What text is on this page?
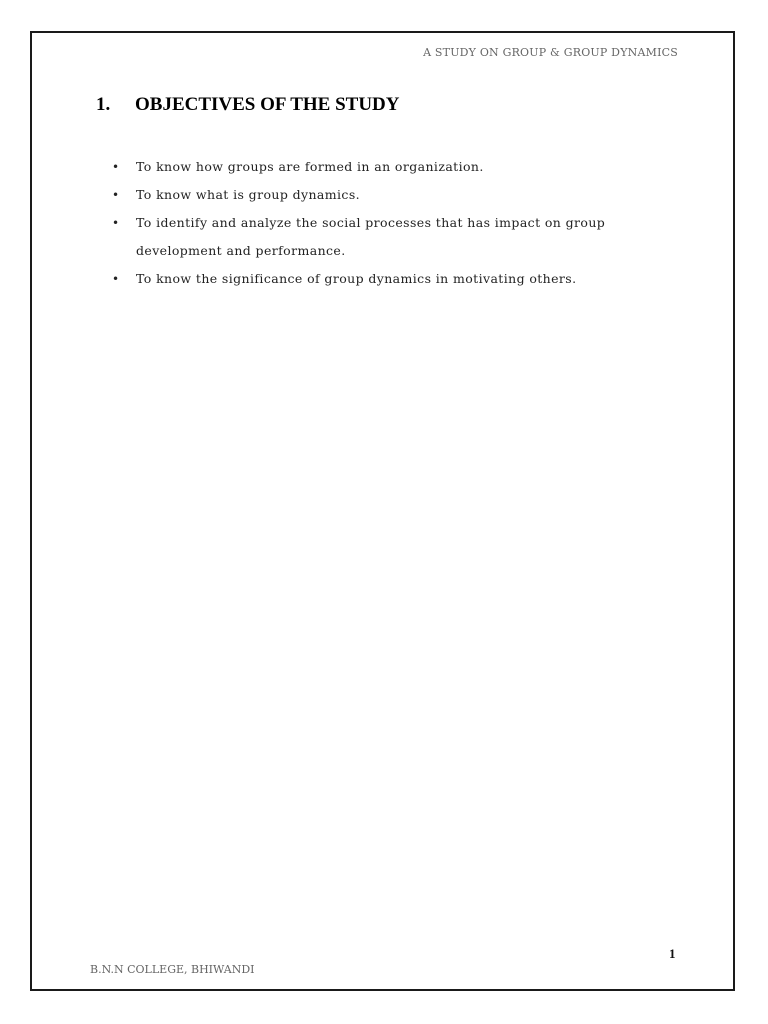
A STUDY ON GROUP & GROUP DYNAMICS
1. OBJECTIVES OF THE STUDY
• To know how groups are formed in an organization.
• To know what is group dynamics.
• To identify and analyze the social processes that has impact on group development and performance.
• To know the significance of group dynamics in motivating others.
1
B.N.N COLLEGE, BHIWANDI
